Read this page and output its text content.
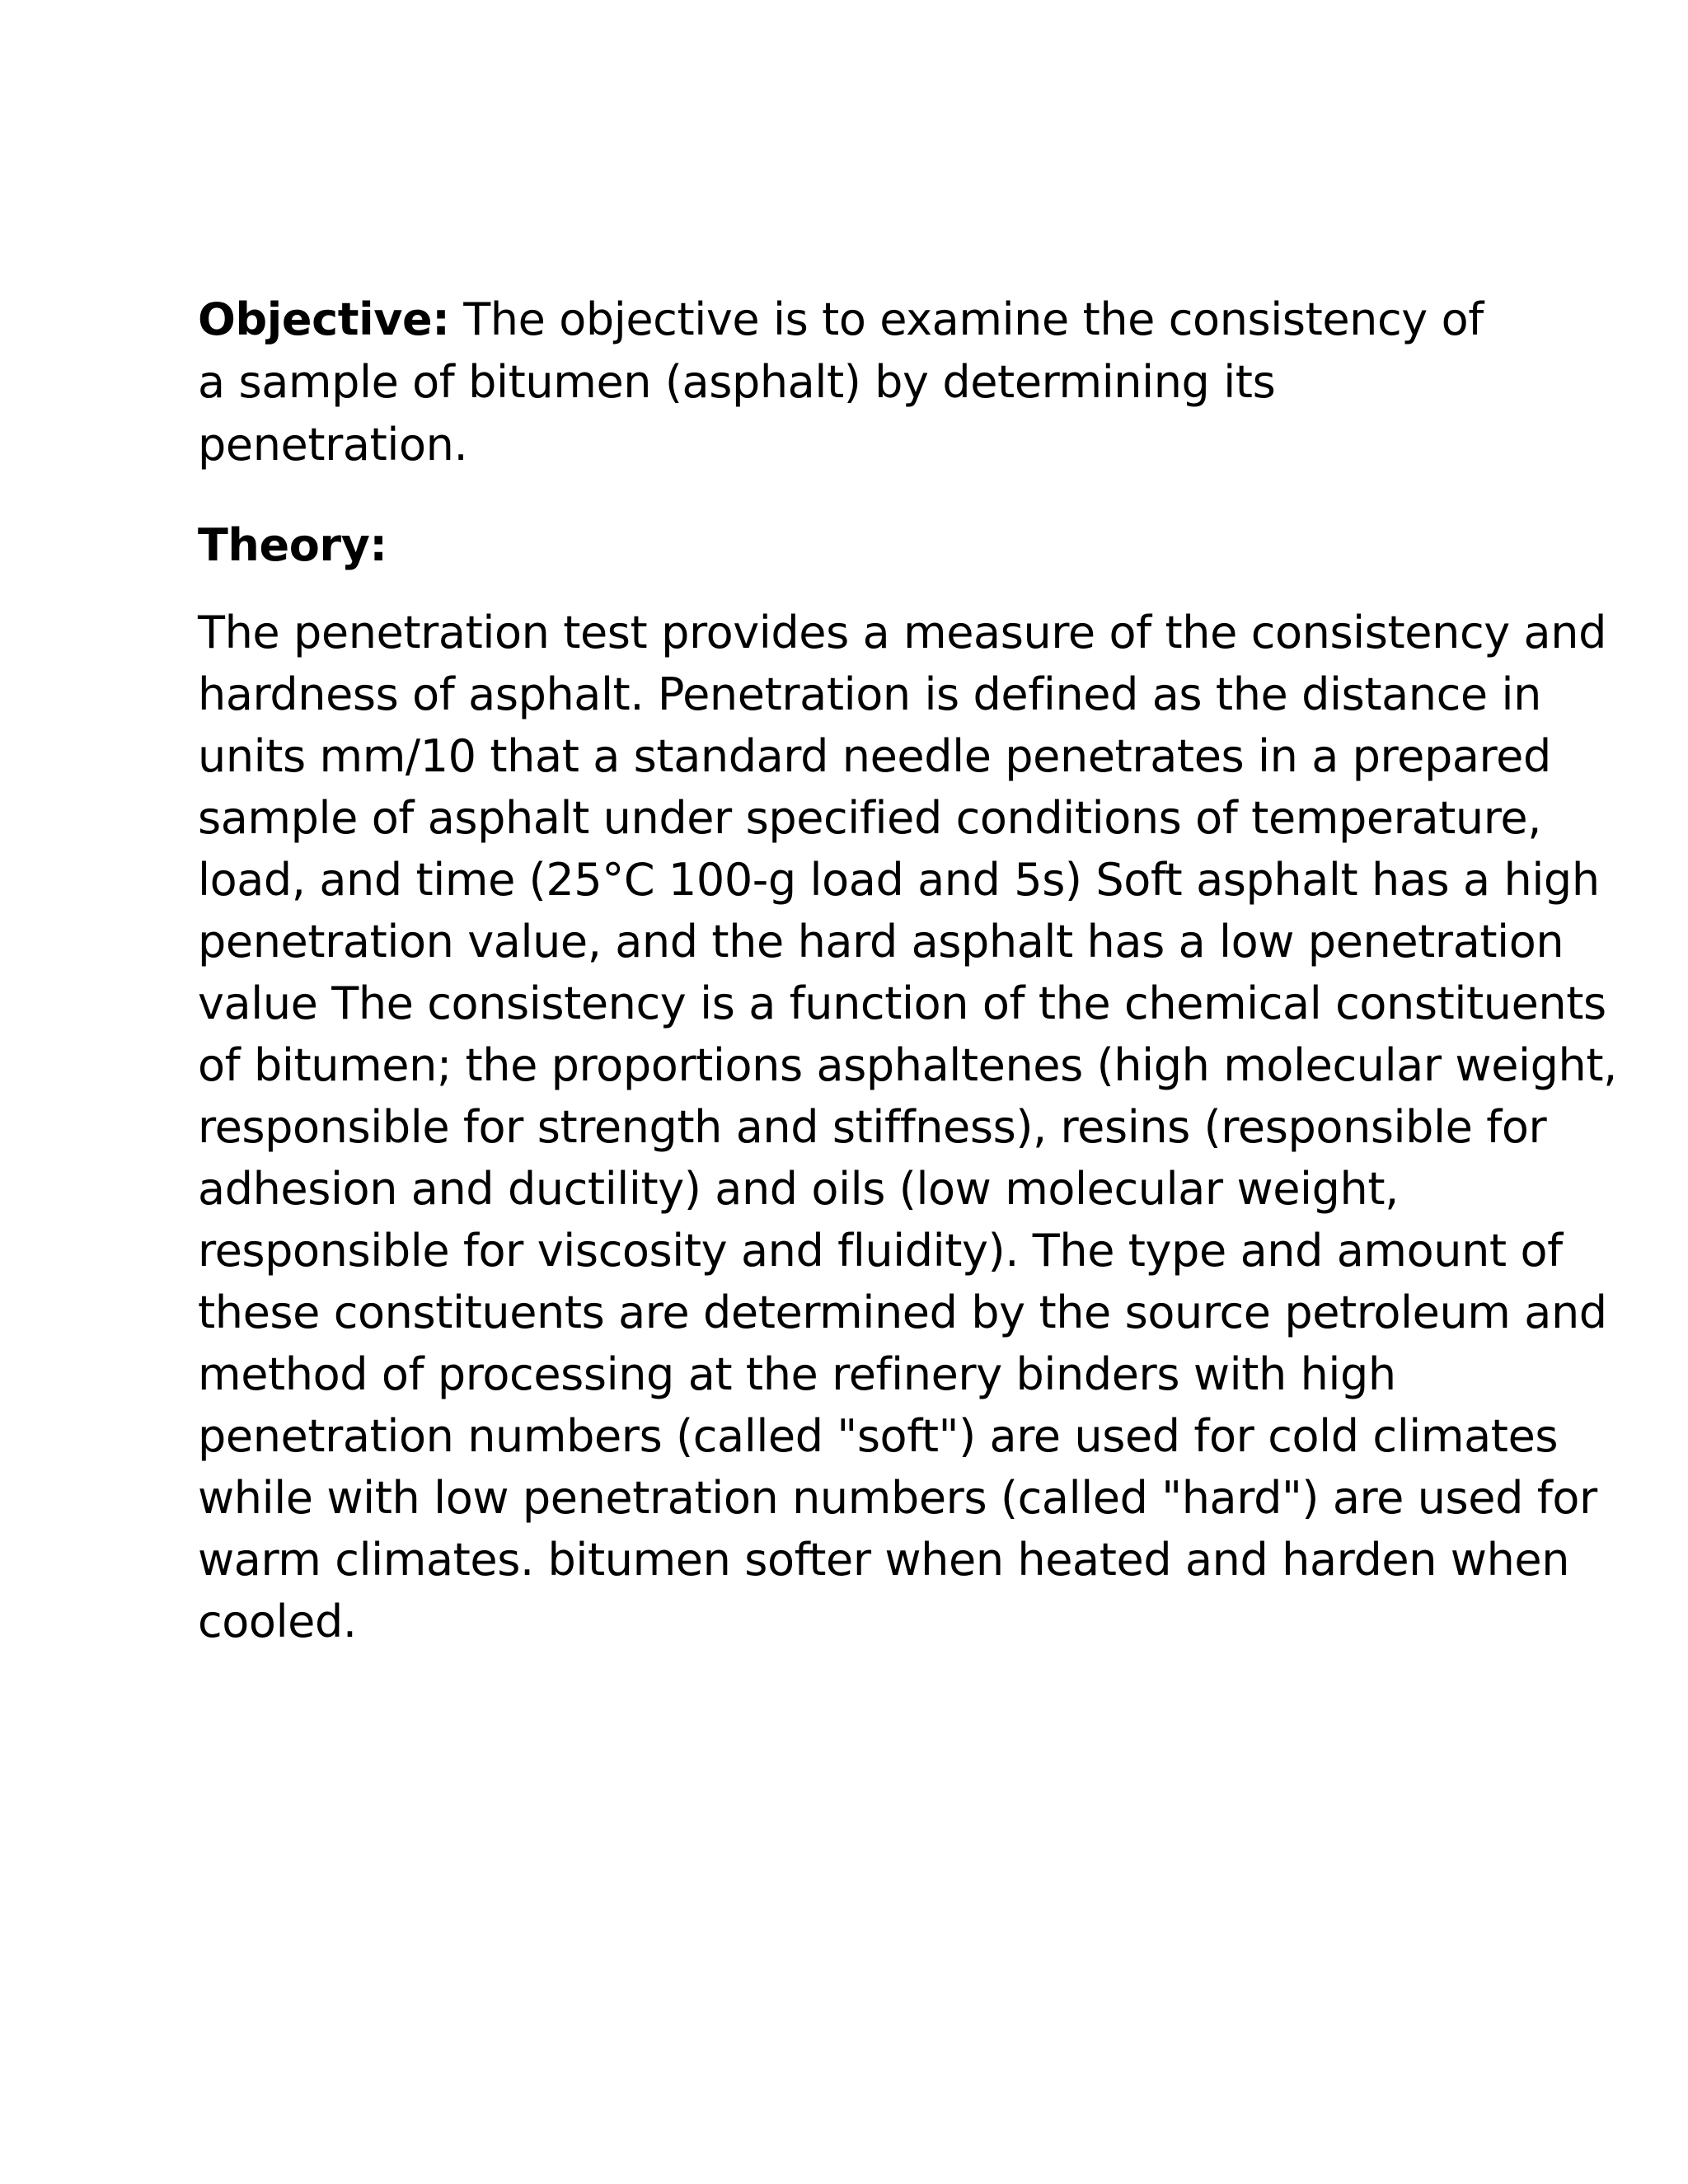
Objective: The objective is to examine the consistency of a sample of bitumen (asphalt) by determining its penetration.

Theory:

The penetration test provides a measure of the consistency and
hardness of asphalt. Penetration is defined as the distance in
units mm/10 that a standard needle penetrates in a prepared
sample of asphalt under specified conditions of temperature,
load, and time (25°C 100-g load and 5s) Soft asphalt has a high
penetration value, and the hard asphalt has a low penetration
value The consistency is a function of the chemical constituents
of bitumen; the proportions asphaltenes (high molecular weight,
responsible for strength and stiffness), resins (responsible for
adhesion and ductility) and oils (low molecular weight,
responsible for viscosity and fluidity). The type and amount of
these constituents are determined by the source petroleum and
method of processing at the refinery binders with high
penetration numbers (called "soft") are used for cold climates
while with low penetration numbers (called "hard") are used for
warm climates. bitumen softer when heated and harden when
cooled.
